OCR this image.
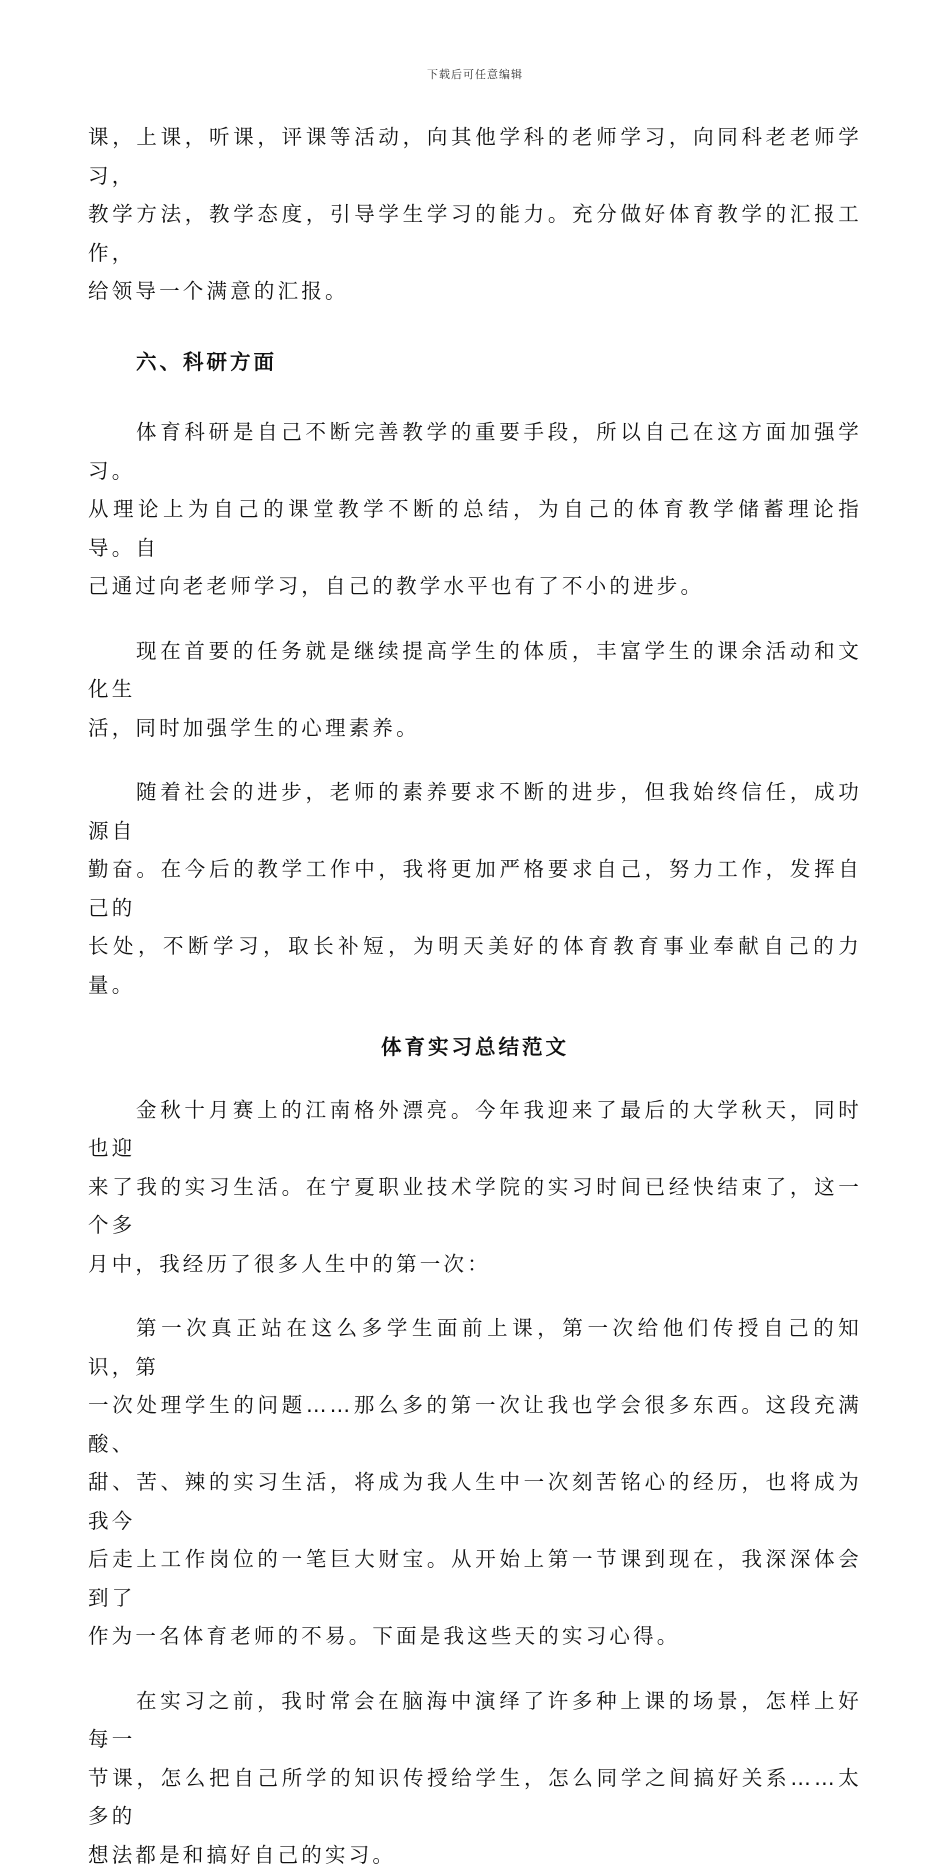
下载后可任意编辑

课，上课，听课，评课等活动，向其他学科的老师学习，向同科老老师学习，
教学方法，教学态度，引导学生学习的能力。充分做好体育教学的汇报工作，
给领导一个满意的汇报。

六、科研方面

体育科研是自己不断完善教学的重要手段，所以自己在这方面加强学习。
从理论上为自己的课堂教学不断的总结，为自己的体育教学储蓄理论指导。自
己通过向老老师学习，自己的教学水平也有了不小的进步。

现在首要的任务就是继续提高学生的体质，丰富学生的课余活动和文化生
活，同时加强学生的心理素养。

随着社会的进步，老师的素养要求不断的进步，但我始终信任，成功源自
勤奋。在今后的教学工作中，我将更加严格要求自己，努力工作，发挥自己的
长处，不断学习，取长补短，为明天美好的体育教育事业奉献自己的力量。

体育实习总结范文

金秋十月赛上的江南格外漂亮。今年我迎来了最后的大学秋天，同时也迎
来了我的实习生活。在宁夏职业技术学院的实习时间已经快结束了，这一个多
月中，我经历了很多人生中的第一次：

第一次真正站在这么多学生面前上课，第一次给他们传授自己的知识，第
一次处理学生的问题……那么多的第一次让我也学会很多东西。这段充满酸、
甜、苦、辣的实习生活，将成为我人生中一次刻苦铭心的经历，也将成为我今
后走上工作岗位的一笔巨大财宝。从开始上第一节课到现在，我深深体会到了
作为一名体育老师的不易。下面是我这些天的实习心得。

在实习之前，我时常会在脑海中演绎了许多种上课的场景，怎样上好每一
节课，怎么把自己所学的知识传授给学生，怎么同学之间搞好关系……太多的
想法都是和搞好自己的实习。
